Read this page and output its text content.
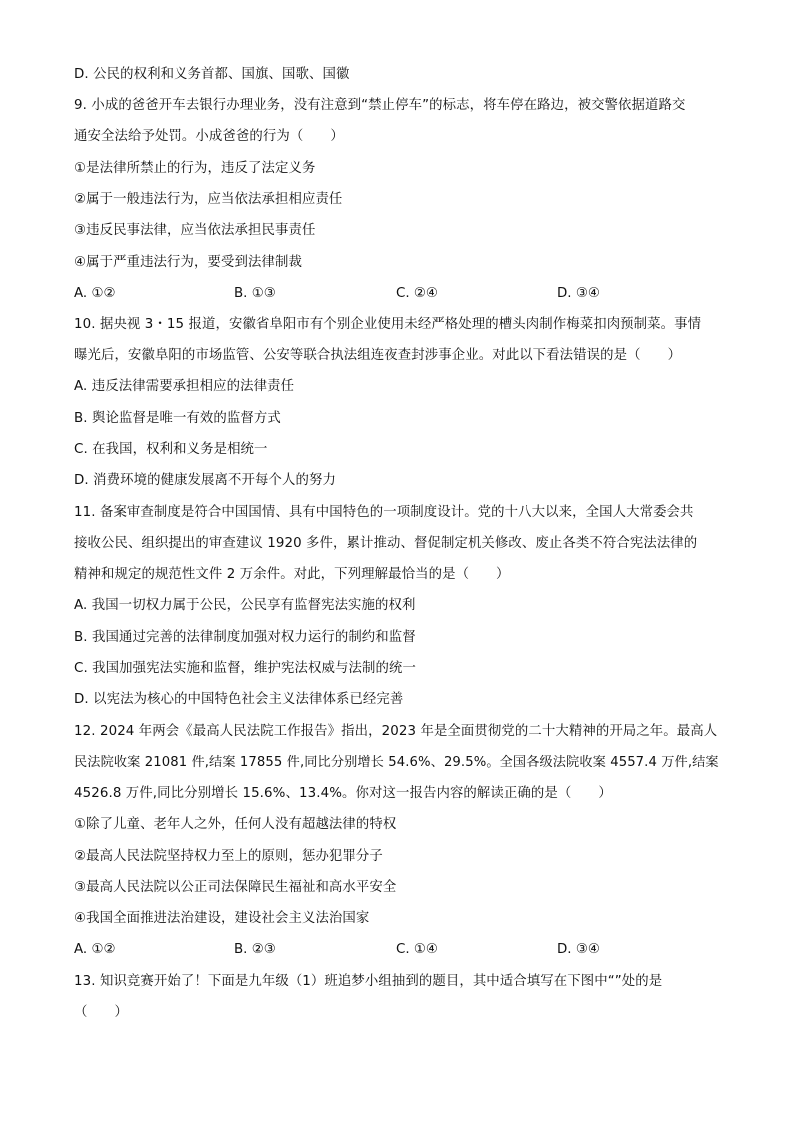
D. 公民的权利和义务首都、国旗、国歌、国徽
9. 小成的爸爸开车去银行办理业务，没有注意到“禁止停车”的标志，将车停在路边，被交警依据道路交
通安全法给予处罚。小成爸爸的行为（　　）
①是法律所禁止的行为，违反了法定义务
②属于一般违法行为，应当依法承担相应责任
③违反民事法律，应当依法承担民事责任
④属于严重违法行为，要受到法律制裁
A. ①②	B. ①③	C. ②④	D. ③④
10. 据央视 3・15 报道，安徽省阜阳市有个别企业使用未经严格处理的槽头肉制作梅菜扣肉预制菜。事情
曝光后，安徽阜阳的市场监管、公安等联合执法组连夜查封涉事企业。对此以下看法错误的是（　　）
A. 违反法律需要承担相应的法律责任
B. 舆论监督是唯一有效的监督方式
C. 在我国，权利和义务是相统一
D. 消费环境的健康发展离不开每个人的努力
11. 备案审查制度是符合中国国情、具有中国特色的一项制度设计。党的十八大以来，全国人大常委会共
接收公民、组织提出的审查建议 1920 多件，累计推动、督促制定机关修改、废止各类不符合宪法法律的
精神和规定的规范性文件 2 万余件。对此，下列理解最恰当的是（　　）
A. 我国一切权力属于公民，公民享有监督宪法实施的权利
B. 我国通过完善的法律制度加强对权力运行的制约和监督
C. 我国加强宪法实施和监督，维护宪法权威与法制的统一
D. 以宪法为核心的中国特色社会主义法律体系已经完善
12. 2024 年两会《最高人民法院工作报告》指出，2023 年是全面贯彻党的二十大精神的开局之年。最高人
民法院收案 21081 件,结案 17855 件,同比分别增长 54.6%、29.5%。全国各级法院收案 4557.4 万件,结案
4526.8 万件,同比分别增长 15.6%、13.4%。你对这一报告内容的解读正确的是（　　）
①除了儿童、老年人之外，任何人没有超越法律的特权
②最高人民法院坚持权力至上的原则，惩办犯罪分子
③最高人民法院以公正司法保障民生福祉和高水平安全
④我国全面推进法治建设，建设社会主义法治国家
A. ①②	B. ②③	C. ①④	D. ③④
13. 知识竞赛开始了！下面是九年级（1）班追梦小组抽到的题目，其中适合填写在下图中“”处的是
（　　）
